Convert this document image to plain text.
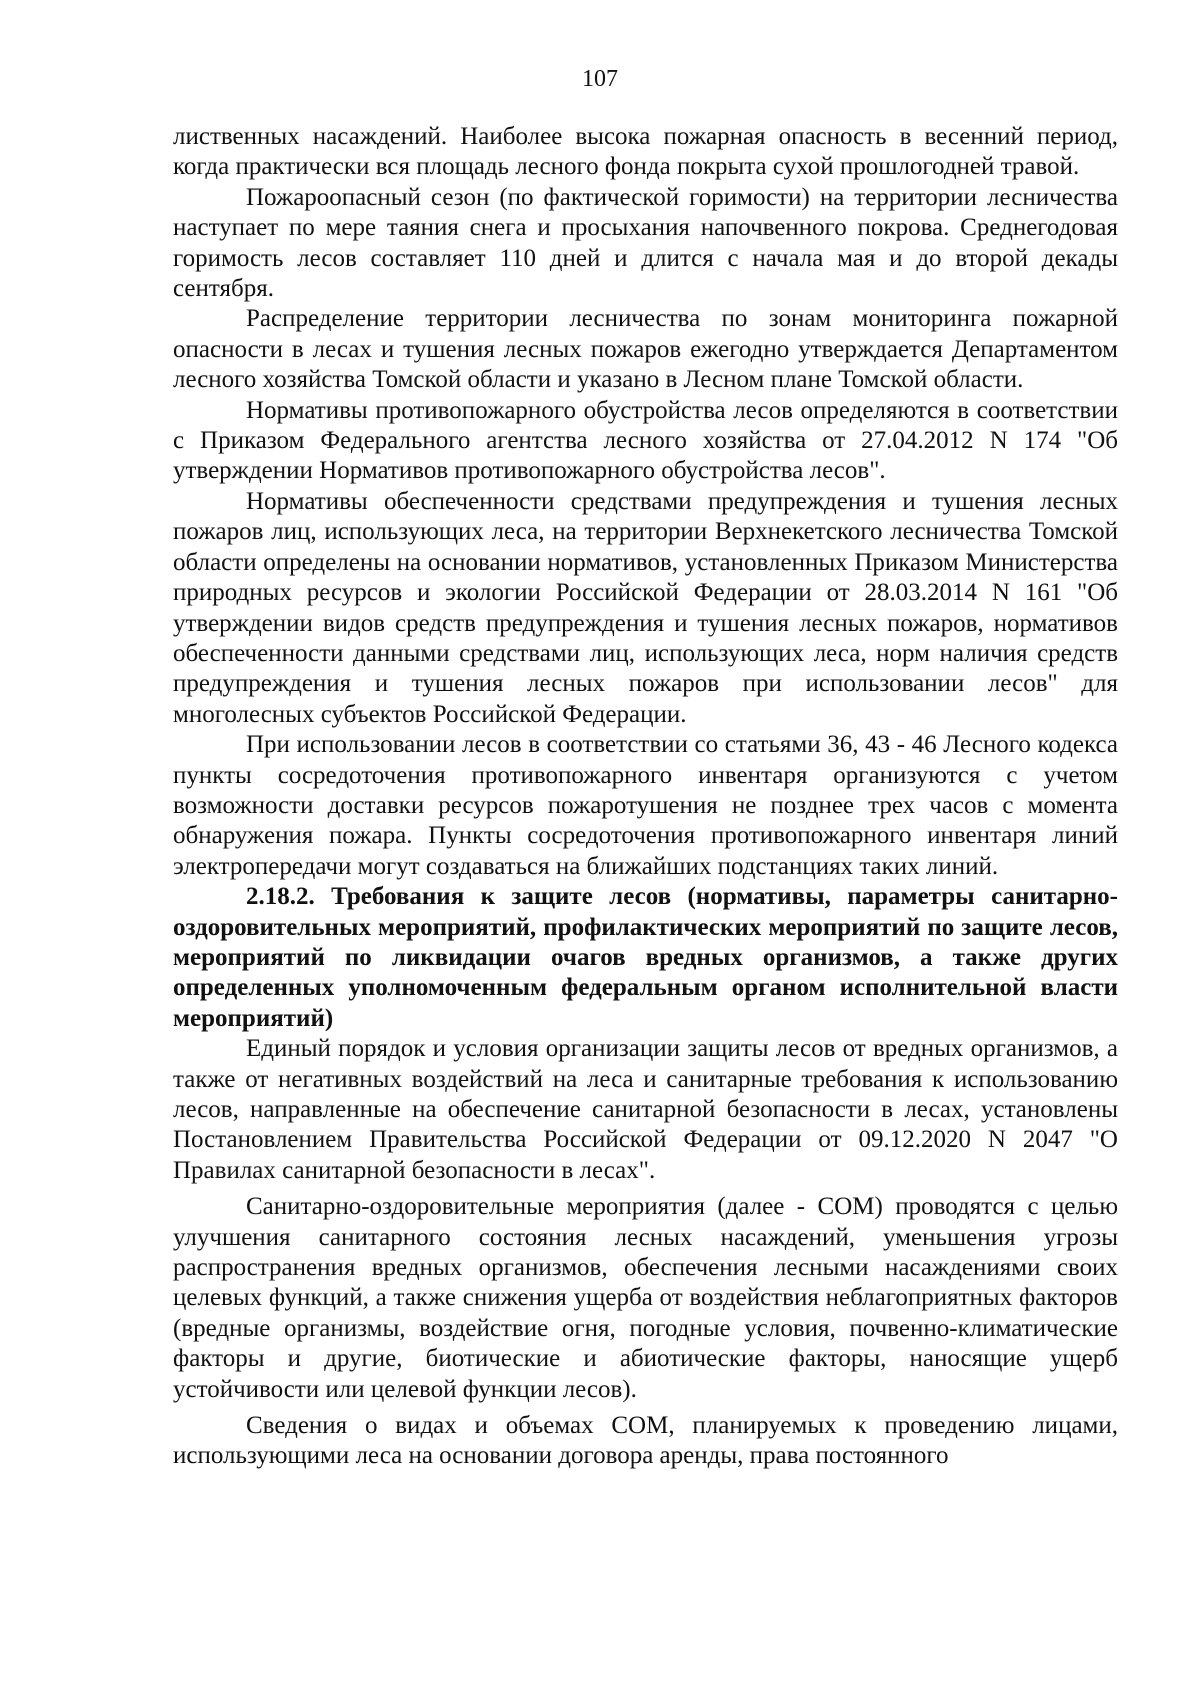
107

лиственных насаждений. Наиболее высока пожарная опасность в весенний период, когда практически вся площадь лесного фонда покрыта сухой прошлогодней травой.

Пожароопасный сезон (по фактической горимости) на территории лесничества наступает по мере таяния снега и просыхания напочвенного покрова. Среднегодовая горимость лесов составляет 110 дней и длится с начала мая и до второй декады сентября.

Распределение территории лесничества по зонам мониторинга пожарной опасности в лесах и тушения лесных пожаров ежегодно утверждается Департаментом лесного хозяйства Томской области и указано в Лесном плане Томской области.

Нормативы противопожарного обустройства лесов определяются в соответствии с Приказом Федерального агентства лесного хозяйства от 27.04.2012 N 174 "Об утверждении Нормативов противопожарного обустройства лесов".

Нормативы обеспеченности средствами предупреждения и тушения лесных пожаров лиц, использующих леса, на территории Верхнекетского лесничества Томской области определены на основании нормативов, установленных Приказом Министерства природных ресурсов и экологии Российской Федерации от 28.03.2014 N 161 "Об утверждении видов средств предупреждения и тушения лесных пожаров, нормативов обеспеченности данными средствами лиц, использующих леса, норм наличия средств предупреждения и тушения лесных пожаров при использовании лесов" для многолесных субъектов Российской Федерации.

При использовании лесов в соответствии со статьями 36, 43 - 46 Лесного кодекса пункты сосредоточения противопожарного инвентаря организуются с учетом возможности доставки ресурсов пожаротушения не позднее трех часов с момента обнаружения пожара. Пункты сосредоточения противопожарного инвентаря линий электропередачи могут создаваться на ближайших подстанциях таких линий.

2.18.2. Требования к защите лесов (нормативы, параметры санитарно-оздоровительных мероприятий, профилактических мероприятий по защите лесов, мероприятий по ликвидации очагов вредных организмов, а также других определенных уполномоченным федеральным органом исполнительной власти мероприятий)

Единый порядок и условия организации защиты лесов от вредных организмов, а также от негативных воздействий на леса и санитарные требования к использованию лесов, направленные на обеспечение санитарной безопасности в лесах, установлены Постановлением Правительства Российской Федерации от 09.12.2020 N 2047 "О Правилах санитарной безопасности в лесах".

Санитарно-оздоровительные мероприятия (далее - СОМ) проводятся с целью улучшения санитарного состояния лесных насаждений, уменьшения угрозы распространения вредных организмов, обеспечения лесными насаждениями своих целевых функций, а также снижения ущерба от воздействия неблагоприятных факторов (вредные организмы, воздействие огня, погодные условия, почвенно-климатические факторы и другие, биотические и абиотические факторы, наносящие ущерб устойчивости или целевой функции лесов).

Сведения о видах и объемах СОМ, планируемых к проведению лицами, использующими леса на основании договора аренды, права постоянного
